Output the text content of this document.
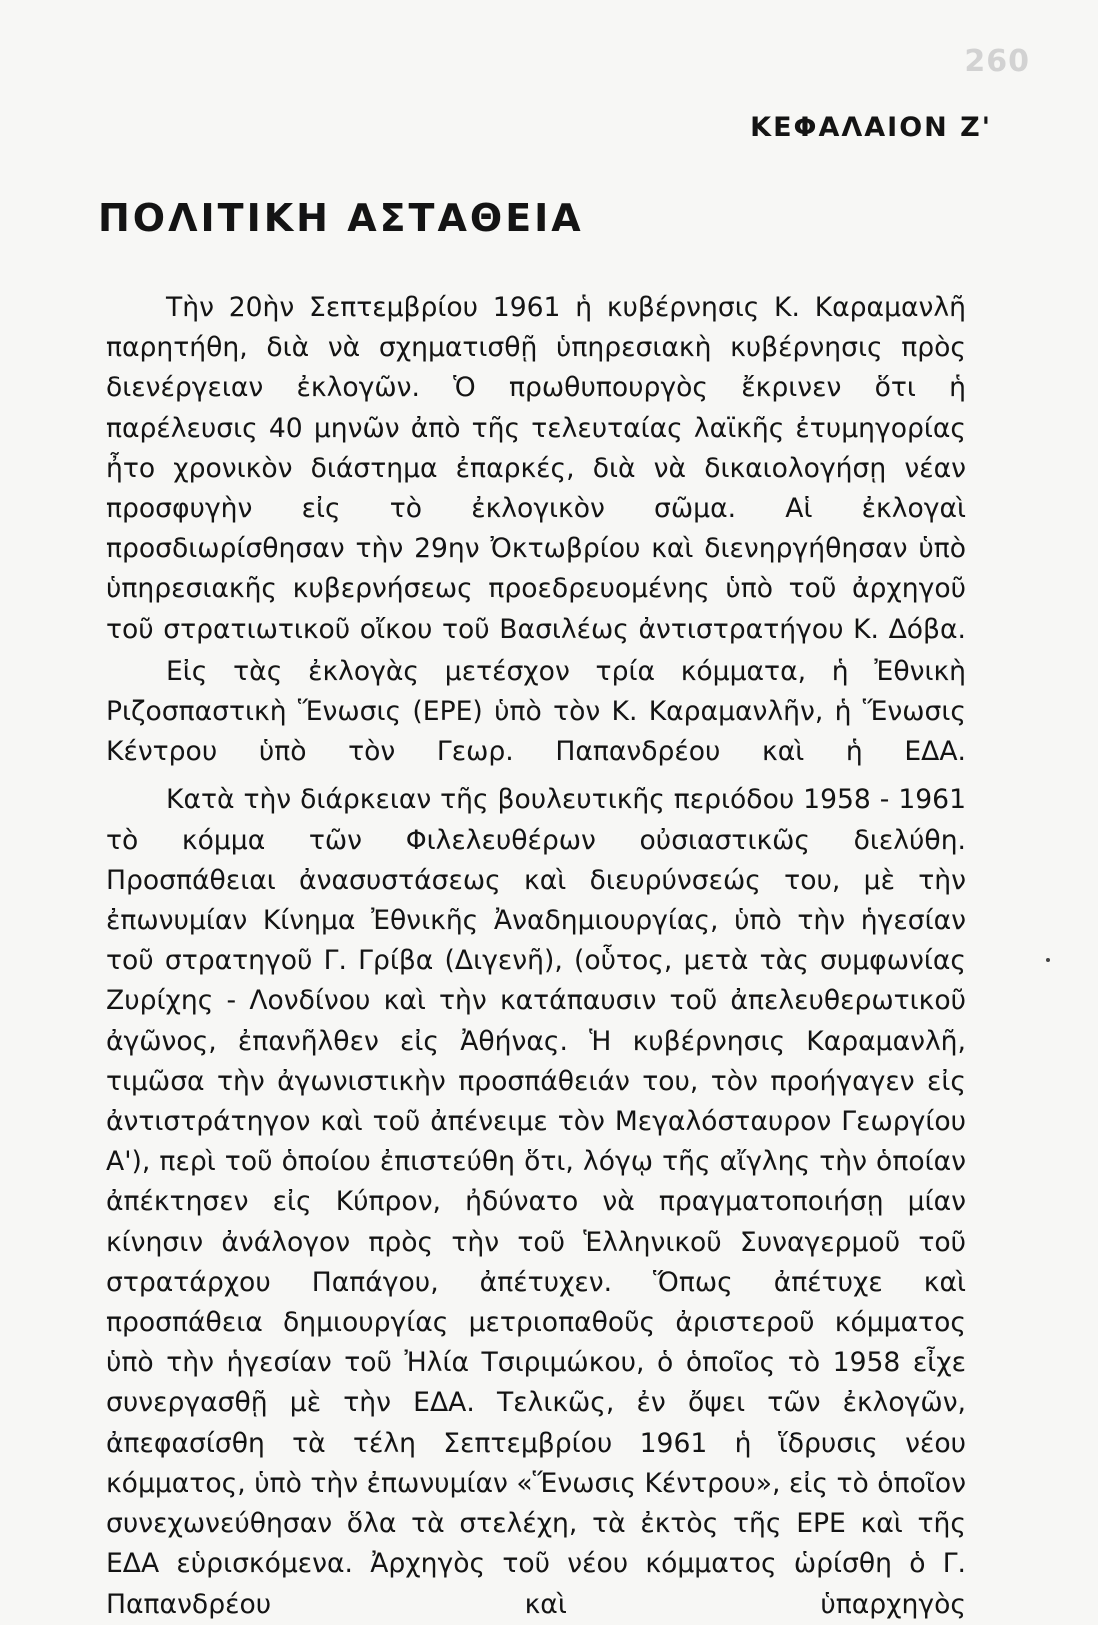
260
ΚΕΦΑΛΑΙΟΝ Ζ'
ΠΟΛΙΤΙΚΗ ΑΣΤΑΘΕΙΑ

Τὴν 20ὴν Σεπτεμβρίου 1961 ἡ κυβέρνησις Κ. Καραμανλῆ παρητήθη, διὰ νὰ σχηματισθῇ ὑπηρεσιακὴ κυβέρνησις πρὸς διενέργειαν ἐκλογῶν. Ὁ πρωθυπουργὸς ἔκρινεν ὅτι ἡ παρέλευσις 40 μηνῶν ἀπὸ τῆς τελευταίας λαϊκῆς ἐτυμηγορίας ἦτο χρονικὸν διάστημα ἐπαρκές, διὰ νὰ δικαιολογήσῃ νέαν προσφυγὴν εἰς τὸ ἐκλογικὸν σῶμα. Αἱ ἐκλογαὶ προσδιωρίσθησαν τὴν 29ην Ὀκτωβρίου καὶ διενηργήθησαν ὑπὸ ὑπηρεσιακῆς κυβερνήσεως προεδρευομένης ὑπὸ τοῦ ἀρχηγοῦ τοῦ στρατιωτικοῦ οἴκου τοῦ Βασιλέως ἀντιστρατήγου Κ. Δόβα.

Εἰς τὰς ἐκλογὰς μετέσχον τρία κόμματα, ἡ Ἐθνικὴ Ριζοσπαστικὴ Ἕνωσις (ΕΡΕ) ὑπὸ τὸν Κ. Καραμανλῆν, ἡ Ἕνωσις Κέντρου ὑπὸ τὸν Γεωρ. Παπανδρέου καὶ ἡ ΕΔΑ.

Κατὰ τὴν διάρκειαν τῆς βουλευτικῆς περιόδου 1958 - 1961 τὸ κόμμα τῶν Φιλελευθέρων οὐσιαστικῶς διελύθη. Προσπάθειαι ἀνασυστάσεως καὶ διευρύνσεώς του, μὲ τὴν ἐπωνυμίαν Κίνημα Ἐθνικῆς Ἀναδημιουργίας, ὑπὸ τὴν ἡγεσίαν τοῦ στρατηγοῦ Γ. Γρίβα (Διγενῆ), (οὗτος, μετὰ τὰς συμφωνίας Ζυρίχης - Λονδίνου καὶ τὴν κατάπαυσιν τοῦ ἀπελευθερωτικοῦ ἀγῶνος, ἐπανῆλθεν εἰς Ἀθήνας. Ἡ κυβέρνησις Καραμανλῆ, τιμῶσα τὴν ἀγωνιστικὴν προσπάθειάν του, τὸν προήγαγεν εἰς ἀντιστράτηγον καὶ τοῦ ἀπένειμε τὸν Μεγαλόσταυρον Γεωργίου Α'), περὶ τοῦ ὁποίου ἐπιστεύθη ὅτι, λόγῳ τῆς αἴγλης τὴν ὁποίαν ἀπέκτησεν εἰς Κύπρον, ἠδύνατο νὰ πραγματοποιήσῃ μίαν κίνησιν ἀνάλογον πρὸς τὴν τοῦ Ἑλληνικοῦ Συναγερμοῦ τοῦ στρατάρχου Παπάγου, ἀπέτυχεν. Ὅπως ἀπέτυχε καὶ προσπάθεια δημιουργίας μετριοπαθοῦς ἀριστεροῦ κόμματος ὑπὸ τὴν ἡγεσίαν τοῦ Ἠλία Τσιριμώκου, ὁ ὁποῖος τὸ 1958 εἶχε συνεργασθῇ μὲ τὴν ΕΔΑ. Τελικῶς, ἐν ὄψει τῶν ἐκλογῶν, ἀπεφασίσθη τὰ τέλη Σεπτεμβρίου 1961 ἡ ἵδρυσις νέου κόμματος, ὑπὸ τὴν ἐπωνυμίαν «Ἕνωσις Κέντρου», εἰς τὸ ὁποῖον συνεχωνεύθησαν ὅλα τὰ στελέχη, τὰ ἐκτὸς τῆς ΕΡΕ καὶ τῆς ΕΔΑ εὑρισκόμενα. Ἀρχηγὸς τοῦ νέου κόμματος ὡρίσθη ὁ Γ. Παπανδρέου καὶ ὑπαρχηγὸς
